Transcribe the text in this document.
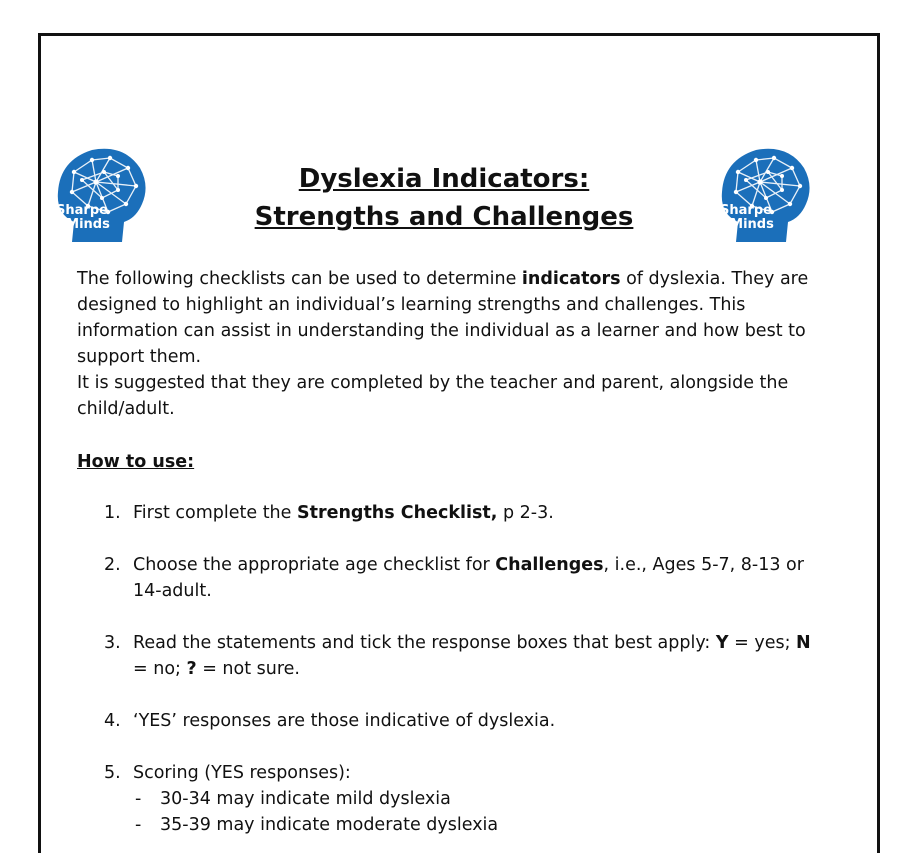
Sharpe
Minds
Sharpe
Minds
Dyslexia Indicators:
Strengths and Challenges

The following checklists can be used to determine indicators of dyslexia. They are designed to highlight an individual’s learning strengths and challenges. This information can assist in understanding the individual as a learner and how best to support them.

It is suggested that they are completed by the teacher and parent, alongside the child/adult.

How to use:
1. First complete the Strengths Checklist, p 2-3.
2. Choose the appropriate age checklist for Challenges, i.e., Ages 5-7, 8-13 or 14-adult.
3. Read the statements and tick the response boxes that best apply: Y = yes; N = no; ? = not sure.
4. ‘YES’ responses are those indicative of dyslexia.
5. Scoring (YES responses):
- 30-34 may indicate mild dyslexia
- 35-39 may indicate moderate dyslexia
